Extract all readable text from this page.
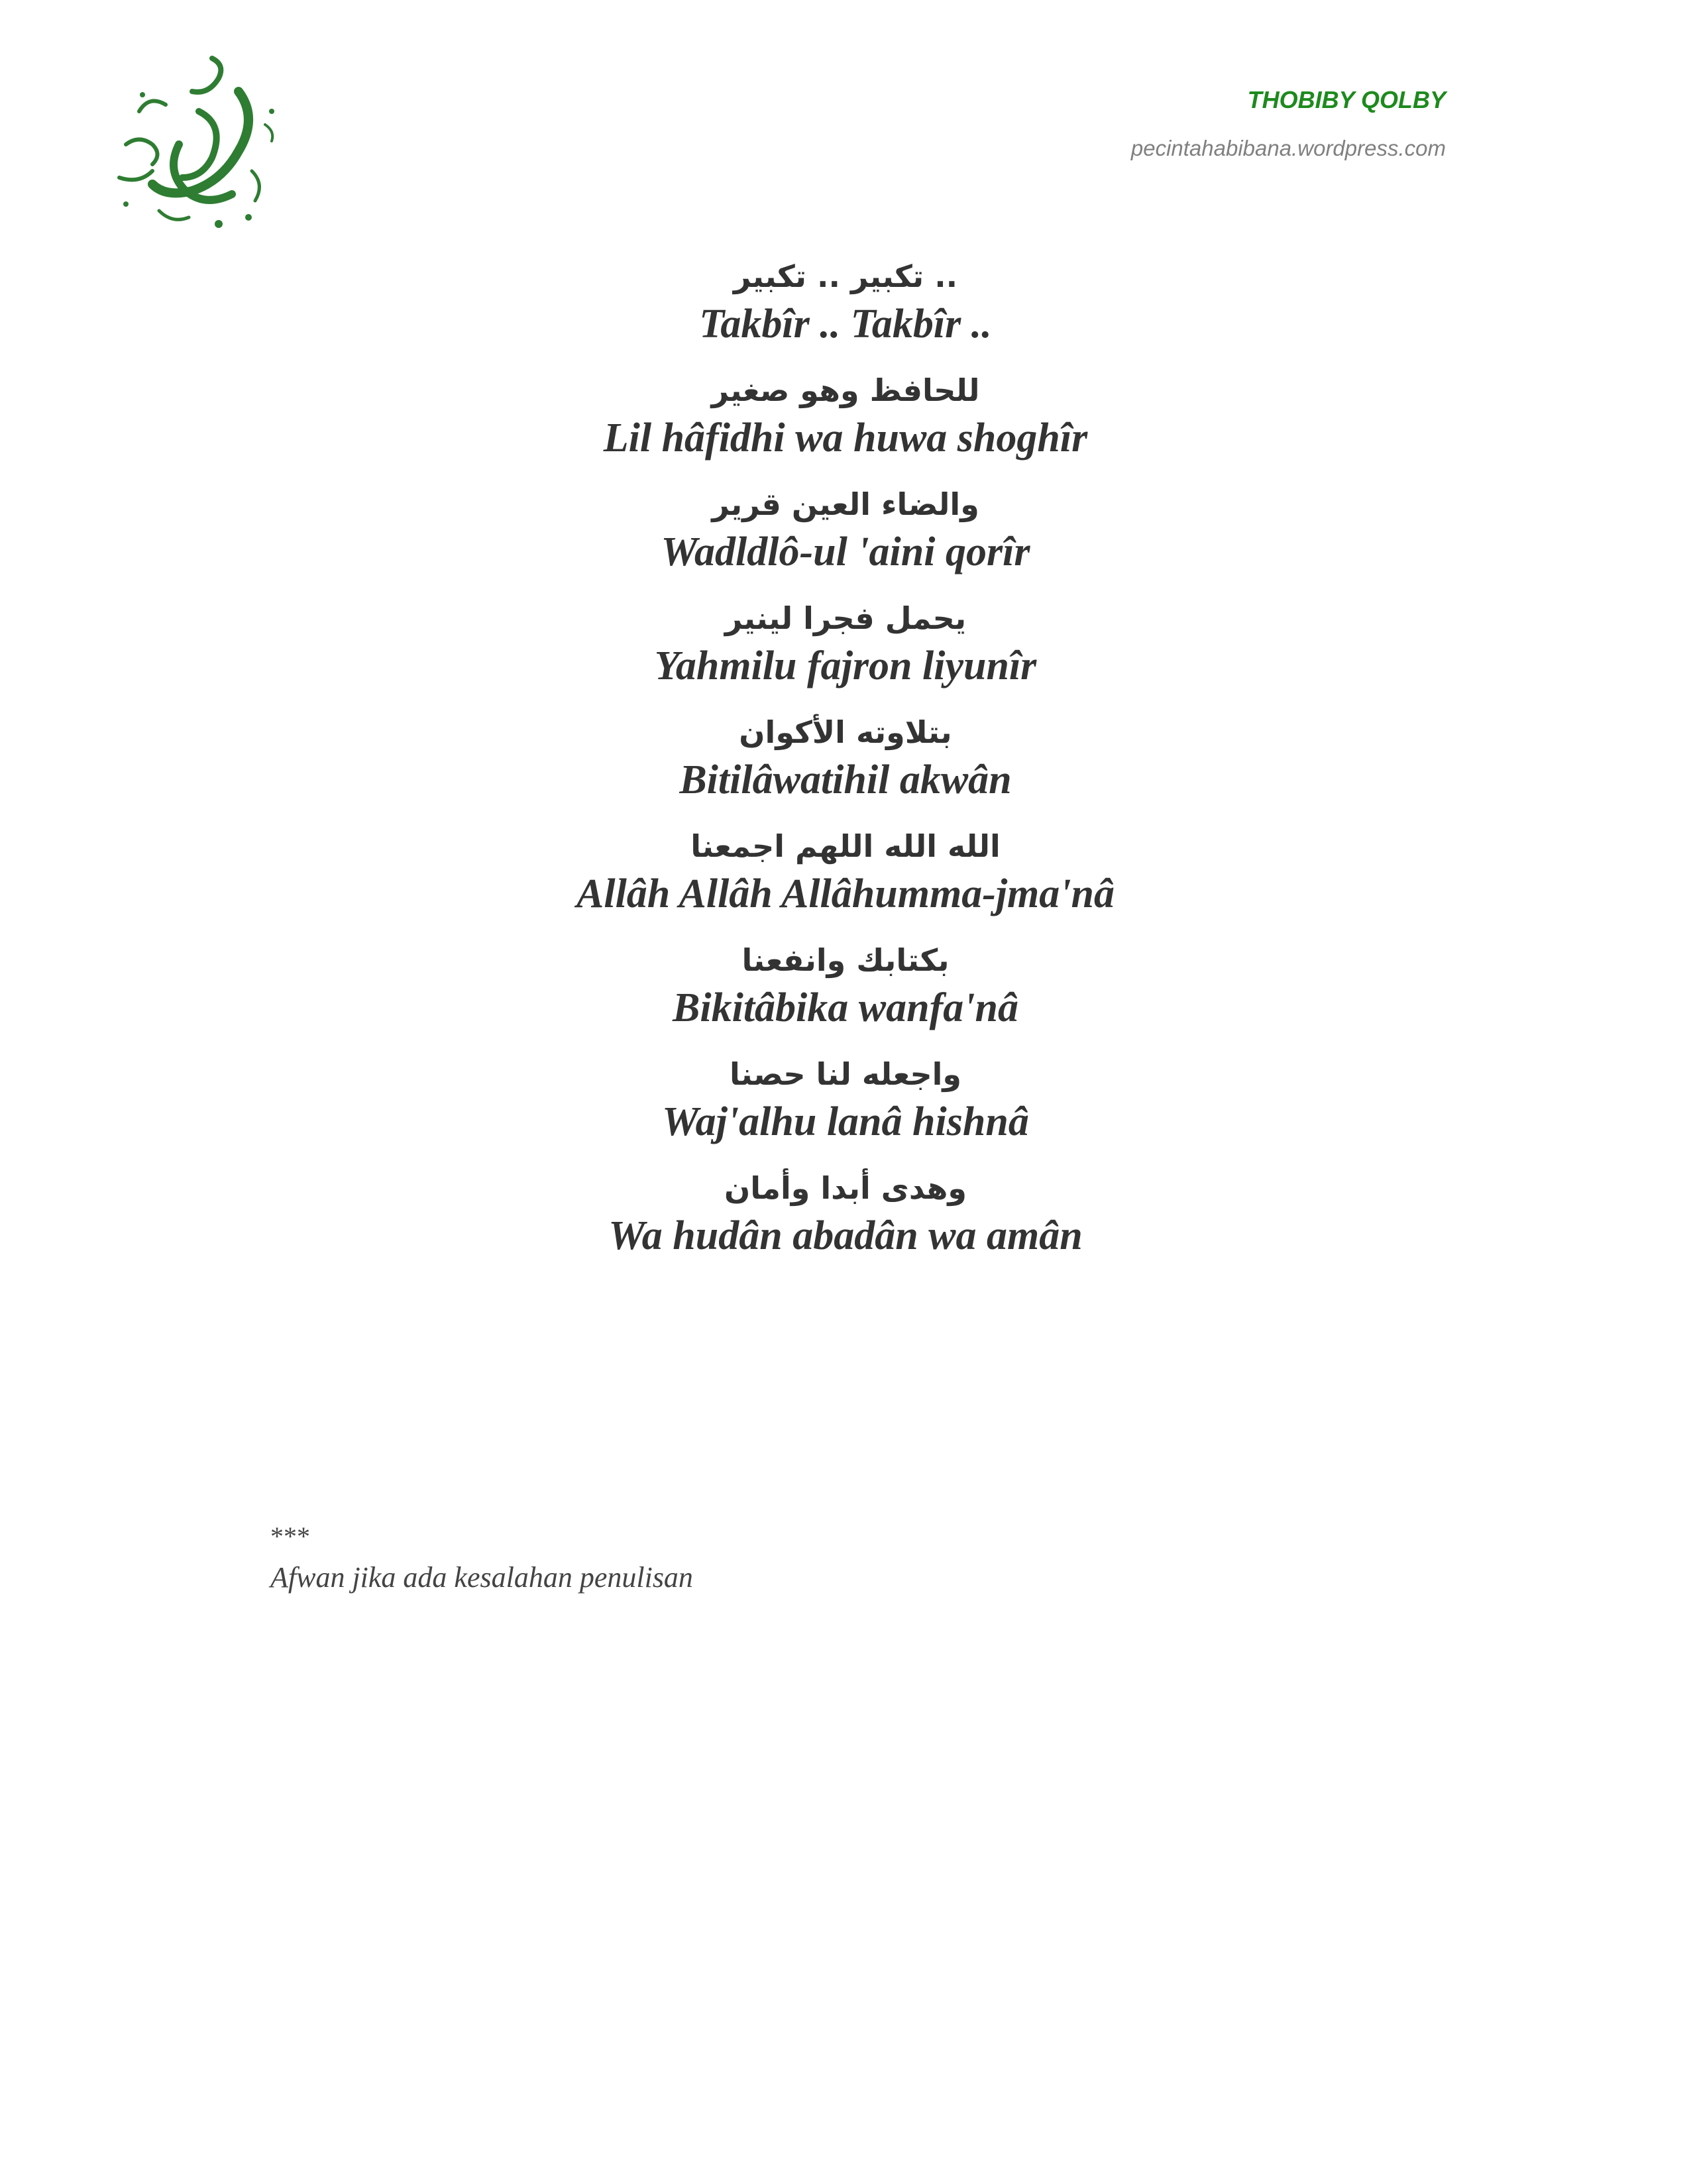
THOBIBY QOLBY
pecintahabibana.wordpress.com
.. تكبير .. تكبير
Takbîr .. Takbîr ..
للحافظ وهو صغير
Lil hâfidhi wa huwa shoghîr
والضاء العين قرير
Wadldlô-ul 'aini qorîr
يحمل فجرا لينير
Yahmilu fajron liyunîr
بتلاوته الأكوان
Bitilâwatihil akwân
الله الله اللهم اجمعنا
Allâh Allâh Allâhumma-jma'nâ
بكتابك وانفعنا
Bikitâbika wanfa'nâ
واجعله لنا حصنا
Waj'alhu lanâ hishnâ
وهدى أبدا وأمان
Wa hudân abadân wa amân
***
Afwan jika ada kesalahan penulisan
